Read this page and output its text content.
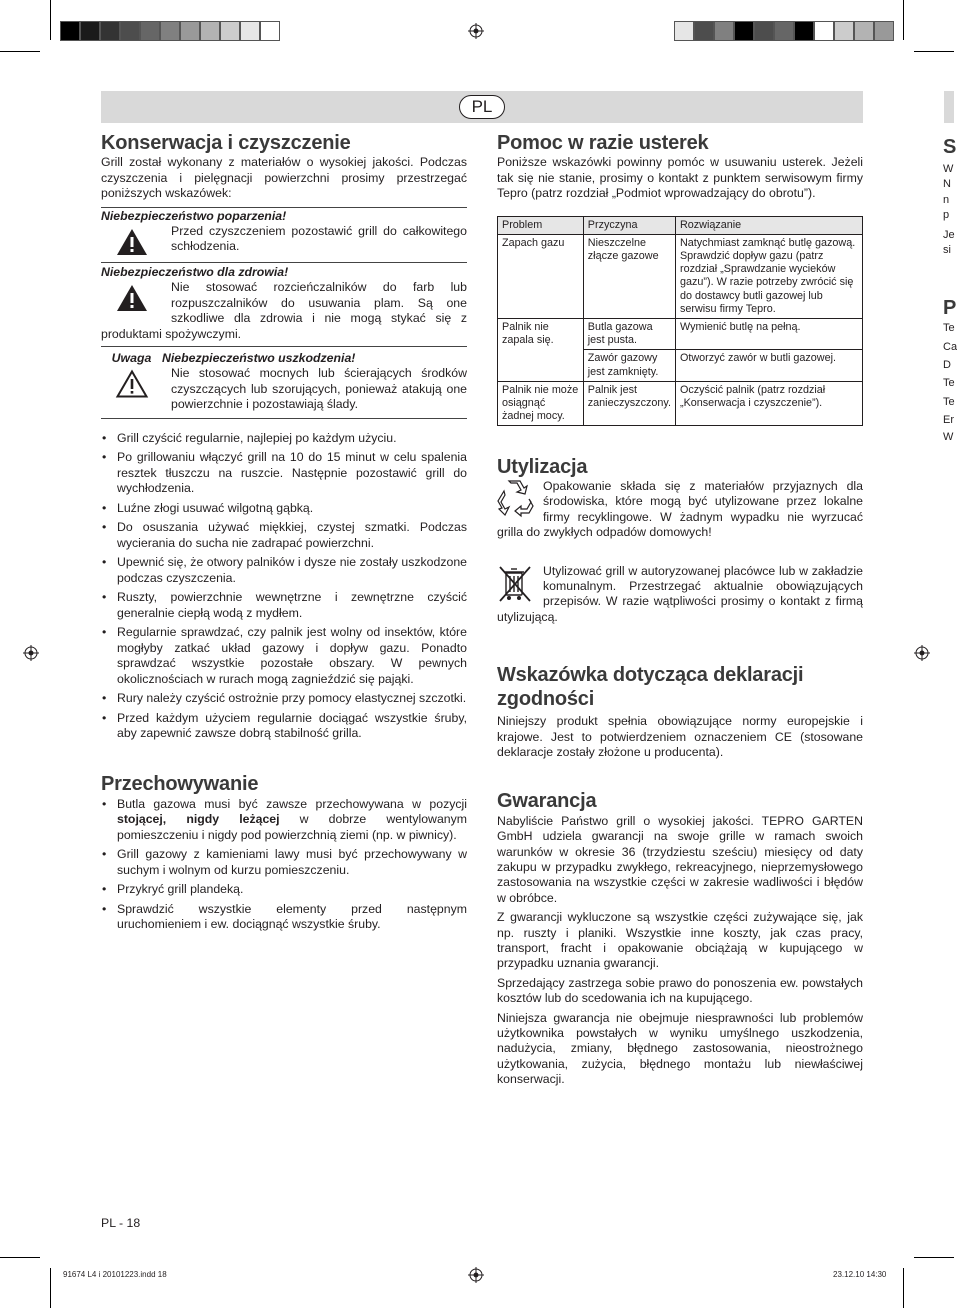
PL
Konserwacja i czyszczenie

Grill został wykonany z materiałów o wysokiej jakości. Podczas czyszczenia i pielęgnacji powierzchni prosimy przestrzegać poniższych wskazówek:

Niebezpieczeństwo poparzenia!
Przed czyszczeniem pozostawić grill do całkowitego schłodzenia.
Niebezpieczeństwo dla zdrowia!
Nie stosować rozcieńczalników do farb lub rozpuszczalników do usuwania plam. Są one szkodliwe dla zdrowia i nie mogą stykać się z produktami spożywczymi.
Uwaga Niebezpieczeństwo uszkodzenia!
Nie stosować mocnych lub ścierających środków czyszczących lub szorujących, ponieważ atakują one powierzchnie i pozostawiają ślady.
• Grill czyścić regularnie, najlepiej po każdym użyciu.
• Po grillowaniu włączyć grill na 10 do 15 minut w celu spalenia resztek tłuszczu na ruszcie. Następnie pozostawić grill do wychłodzenia.
• Luźne złogi usuwać wilgotną gąbką.
• Do osuszania używać miękkiej, czystej szmatki. Podczas wycierania do sucha nie zadrapać powierzchni.
• Upewnić się, że otwory palników i dysze nie zostały uszkodzone podczas czyszczenia.
• Ruszty, powierzchnie wewnętrzne i zewnętrzne czyścić generalnie ciepłą wodą z mydłem.
• Regularnie sprawdzać, czy palnik jest wolny od insektów, które mogłyby zatkać układ gazowy i dopływ gazu. Ponadto sprawdzać wszystkie pozostałe obszary. W pewnych okolicznościach w rurach mogą zagnieździć się pająki.
• Rury należy czyścić ostrożnie przy pomocy elastycznej szczotki.
• Przed każdym użyciem regularnie dociągać wszystkie śruby, aby zapewnić zawsze dobrą stabilność grilla.
Przechowywanie
• Butla gazowa musi być zawsze przechowywana w pozycji stojącej, nigdy leżącej w dobrze wentylowanym pomieszczeniu i nigdy pod powierzchnią ziemi (np. w piwnicy).
• Grill gazowy z kamieniami lawy musi być przechowywany w suchym i wolnym od kurzu pomieszczeniu.
• Przykryć grill plandeką.
• Sprawdzić wszystkie elementy przed następnym uruchomieniem i ew. dociągnąć wszystkie śruby.
Pomoc w razie usterek

Poniższe wskazówki powinny pomóc w usuwaniu usterek. Jeżeli tak się nie stanie, prosimy o kontakt z punktem serwisowym firmy Tepro (patrz rozdział „Podmiot wprowadzający do obrotu”).

Problem	Przyczyna	Rozwiązanie
Zapach gazu	Nieszczelne złącze gazowe	Natychmiast zamknąć butlę gazową. Sprawdzić dopływ gazu (patrz rozdział „Sprawdzanie wycieków gazu”). W razie potrzeby zwrócić się do dostawcy butli gazowej lub serwisu firmy Tepro.
Palnik nie zapala się.	Butla gazowa jest pusta.	Wymienić butlę na pełną.
	Zawór gazowy jest zamknięty.	Otworzyć zawór w butli gazowej.
Palnik nie może osiągnąć żadnej mocy.	Palnik jest zanieczyszczony.	Oczyścić palnik (patrz rozdział „Konserwacja i czyszczenie”).
Utylizacja

Opakowanie składa się z materiałów przyjaznych dla środowiska, które mogą być utylizowane przez lokalne firmy recyklingowe. W żadnym wypadku nie wyrzucać grilla do zwykłych odpadów domowych!

Utylizować grill w autoryzowanej placówce lub w zakładzie komunalnym. Przestrzegać aktualnie obowiązujących przepisów. W razie wątpliwości prosimy o kontakt z firmą utylizującą.

Wskazówka dotycząca deklaracji zgodności

Niniejszy produkt spełnia obowiązujące normy europejskie i krajowe. Jest to potwierdzeniem oznaczeniem CE (stosowane deklaracje zostały złożone u producenta).

Gwarancja

Nabyliście Państwo grill o wysokiej jakości. TEPRO GARTEN GmbH udziela gwarancji na swoje grille w ramach swoich warunków w okresie 36 (trzydziestu sześciu) miesięcy od daty zakupu w przypadku zwykłego, rekreacyjnego, nieprzemysłowego zastosowania na wszystkie części w zakresie wadliwości i błędów w obróbce.

Z gwarancji wykluczone są wszystkie części zużywające się, jak np. ruszty i planiki. Wszystkie inne koszty, jak czas pracy, transport, fracht i opakowanie obciążają w kupującego w przypadku uznania gwarancji.

Sprzedający zastrzega sobie prawo do ponoszenia ew. powstałych kosztów lub do scedowania ich na kupującego.

Niniejsza gwarancja nie obejmuje niesprawności lub problemów użytkownika powstałych w wyniku umyślnego uszkodzenia, nadużycia, zmiany, błędnego zastosowania, nieostrożnego użytkowania, zużycia, błędnego montażu lub niewłaściwej konserwacji.

PL - 18
91674 L4 i 20101223.indd 18	23.12.10 14:30
S
W
N
n
p
Je
si
P
Te
Ca
D
Te
Te
Er
W
